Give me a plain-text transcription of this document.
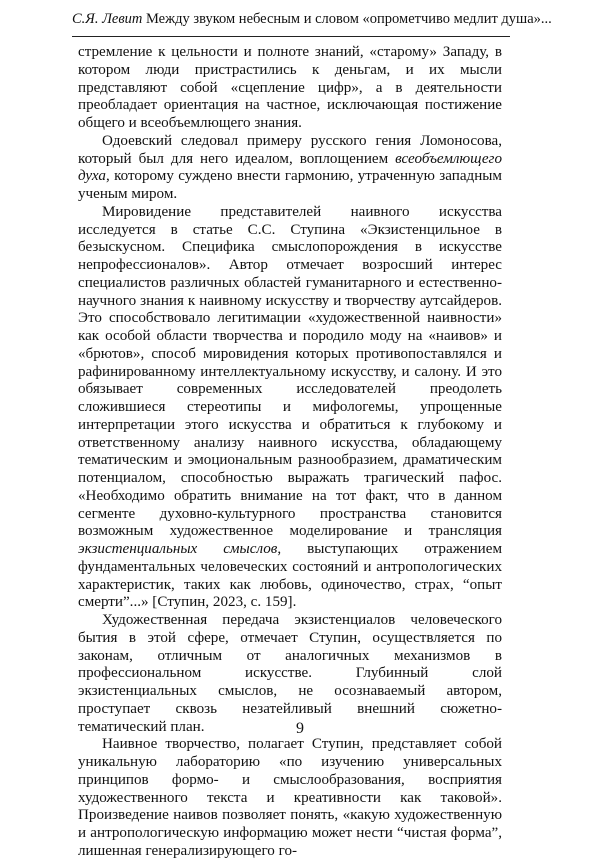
С.Я. Левит Между звуком небесным и словом «опрометчиво медлит душа»...

стремление к цельности и полноте знаний, «старому» Западу, в котором люди пристрастились к деньгам, и их мысли представляют собой «сцепление цифр», а в деятельности преобладает ориентация на частное, исключающая постижение общего и всеобъемлющего знания.

Одоевский следовал примеру русского гения Ломоносова, который был для него идеалом, воплощением всеобъемлющего духа, которому суждено внести гармонию, утраченную западным ученым миром.

Мировидение представителей наивного искусства исследуется в статье С.С. Ступина «Экзистенцильное в безыскусном. Специфика смыслопорождения в искусстве непрофессионалов». Автор отмечает возросший интерес специалистов различных областей гуманитарного и естественно-научного знания к наивному искусству и творчеству аутсайдеров. Это способствовало легитимации «художественной наивности» как особой области творчества и породило моду на «наивов» и «брютов», способ мировидения которых противопоставлялся и рафинированному интеллектуальному искусству, и салону. И это обязывает современных исследователей преодолеть сложившиеся стереотипы и мифологемы, упрощенные интерпретации этого искусства и обратиться к глубокому и ответственному анализу наивного искусства, обладающему тематическим и эмоциональным разнообразием, драматическим потенциалом, способностью выражать трагический пафос. «Необходимо обратить внимание на тот факт, что в данном сегменте духовно-культурного пространства становится возможным художественное моделирование и трансляция экзистенциальных смыслов, выступающих отражением фундаментальных человеческих состояний и антропологических характеристик, таких как любовь, одиночество, страх, “опыт смерти”...» [Ступин, 2023, с. 159].

Художественная передача экзистенциалов человеческого бытия в этой сфере, отмечает Ступин, осуществляется по законам, отличным от аналогичных механизмов в профессиональном искусстве. Глубинный слой экзистенциальных смыслов, не осознаваемый автором, проступает сквозь незатейливый внешний сюжетно-тематический план.

Наивное творчество, полагает Ступин, представляет собой уникальную лабораторию «по изучению универсальных принципов формо- и смыслообразования, восприятия художественного текста и креативности как таковой». Произведение наивов позволяет понять, «какую художественную и антропологическую информацию может нести “чистая форма”, лишенная генерализирующего го-

9
